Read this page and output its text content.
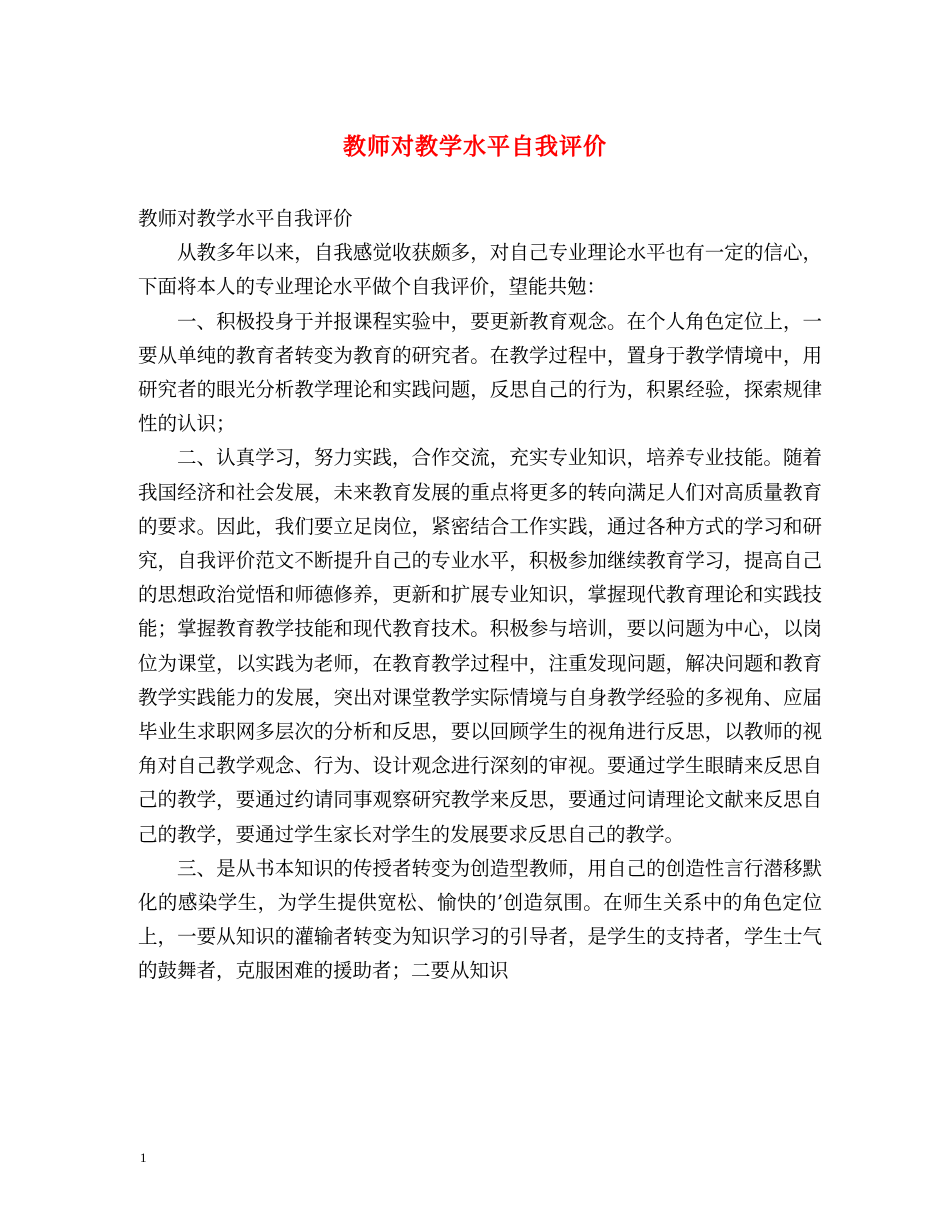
教师对教学水平自我评价

教师对教学水平自我评价

从教多年以来，自我感觉收获颇多，对自己专业理论水平也有一定的信心，下面将本人的专业理论水平做个自我评价，望能共勉：

一、积极投身于并报课程实验中，要更新教育观念。在个人角色定位上，一要从单纯的教育者转变为教育的研究者。在教学过程中，置身于教学情境中，用研究者的眼光分析教学理论和实践问题，反思自己的行为，积累经验，探索规律性的认识；

二、认真学习，努力实践，合作交流，充实专业知识，培养专业技能。随着我国经济和社会发展，未来教育发展的重点将更多的转向满足人们对高质量教育的要求。因此，我们要立足岗位，紧密结合工作实践，通过各种方式的学习和研究，自我评价范文不断提升自己的专业水平，积极参加继续教育学习，提高自己的思想政治觉悟和师德修养，更新和扩展专业知识，掌握现代教育理论和实践技能；掌握教育教学技能和现代教育技术。积极参与培训，要以问题为中心，以岗位为课堂，以实践为老师，在教育教学过程中，注重发现问题，解决问题和教育教学实践能力的发展，突出对课堂教学实际情境与自身教学经验的多视角、应届毕业生求职网多层次的分析和反思，要以回顾学生的视角进行反思，以教师的视角对自己教学观念、行为、设计观念进行深刻的审视。要通过学生眼睛来反思自己的教学，要通过约请同事观察研究教学来反思，要通过问请理论文献来反思自己的教学，要通过学生家长对学生的发展要求反思自己的教学。

三、是从书本知识的传授者转变为创造型教师，用自己的创造性言行潜移默化的感染学生，为学生提供宽松、愉快的’创造氛围。在师生关系中的角色定位上，一要从知识的灌输者转变为知识学习的引导者，是学生的支持者，学生士气的鼓舞者，克服困难的援助者；二要从知识

1
